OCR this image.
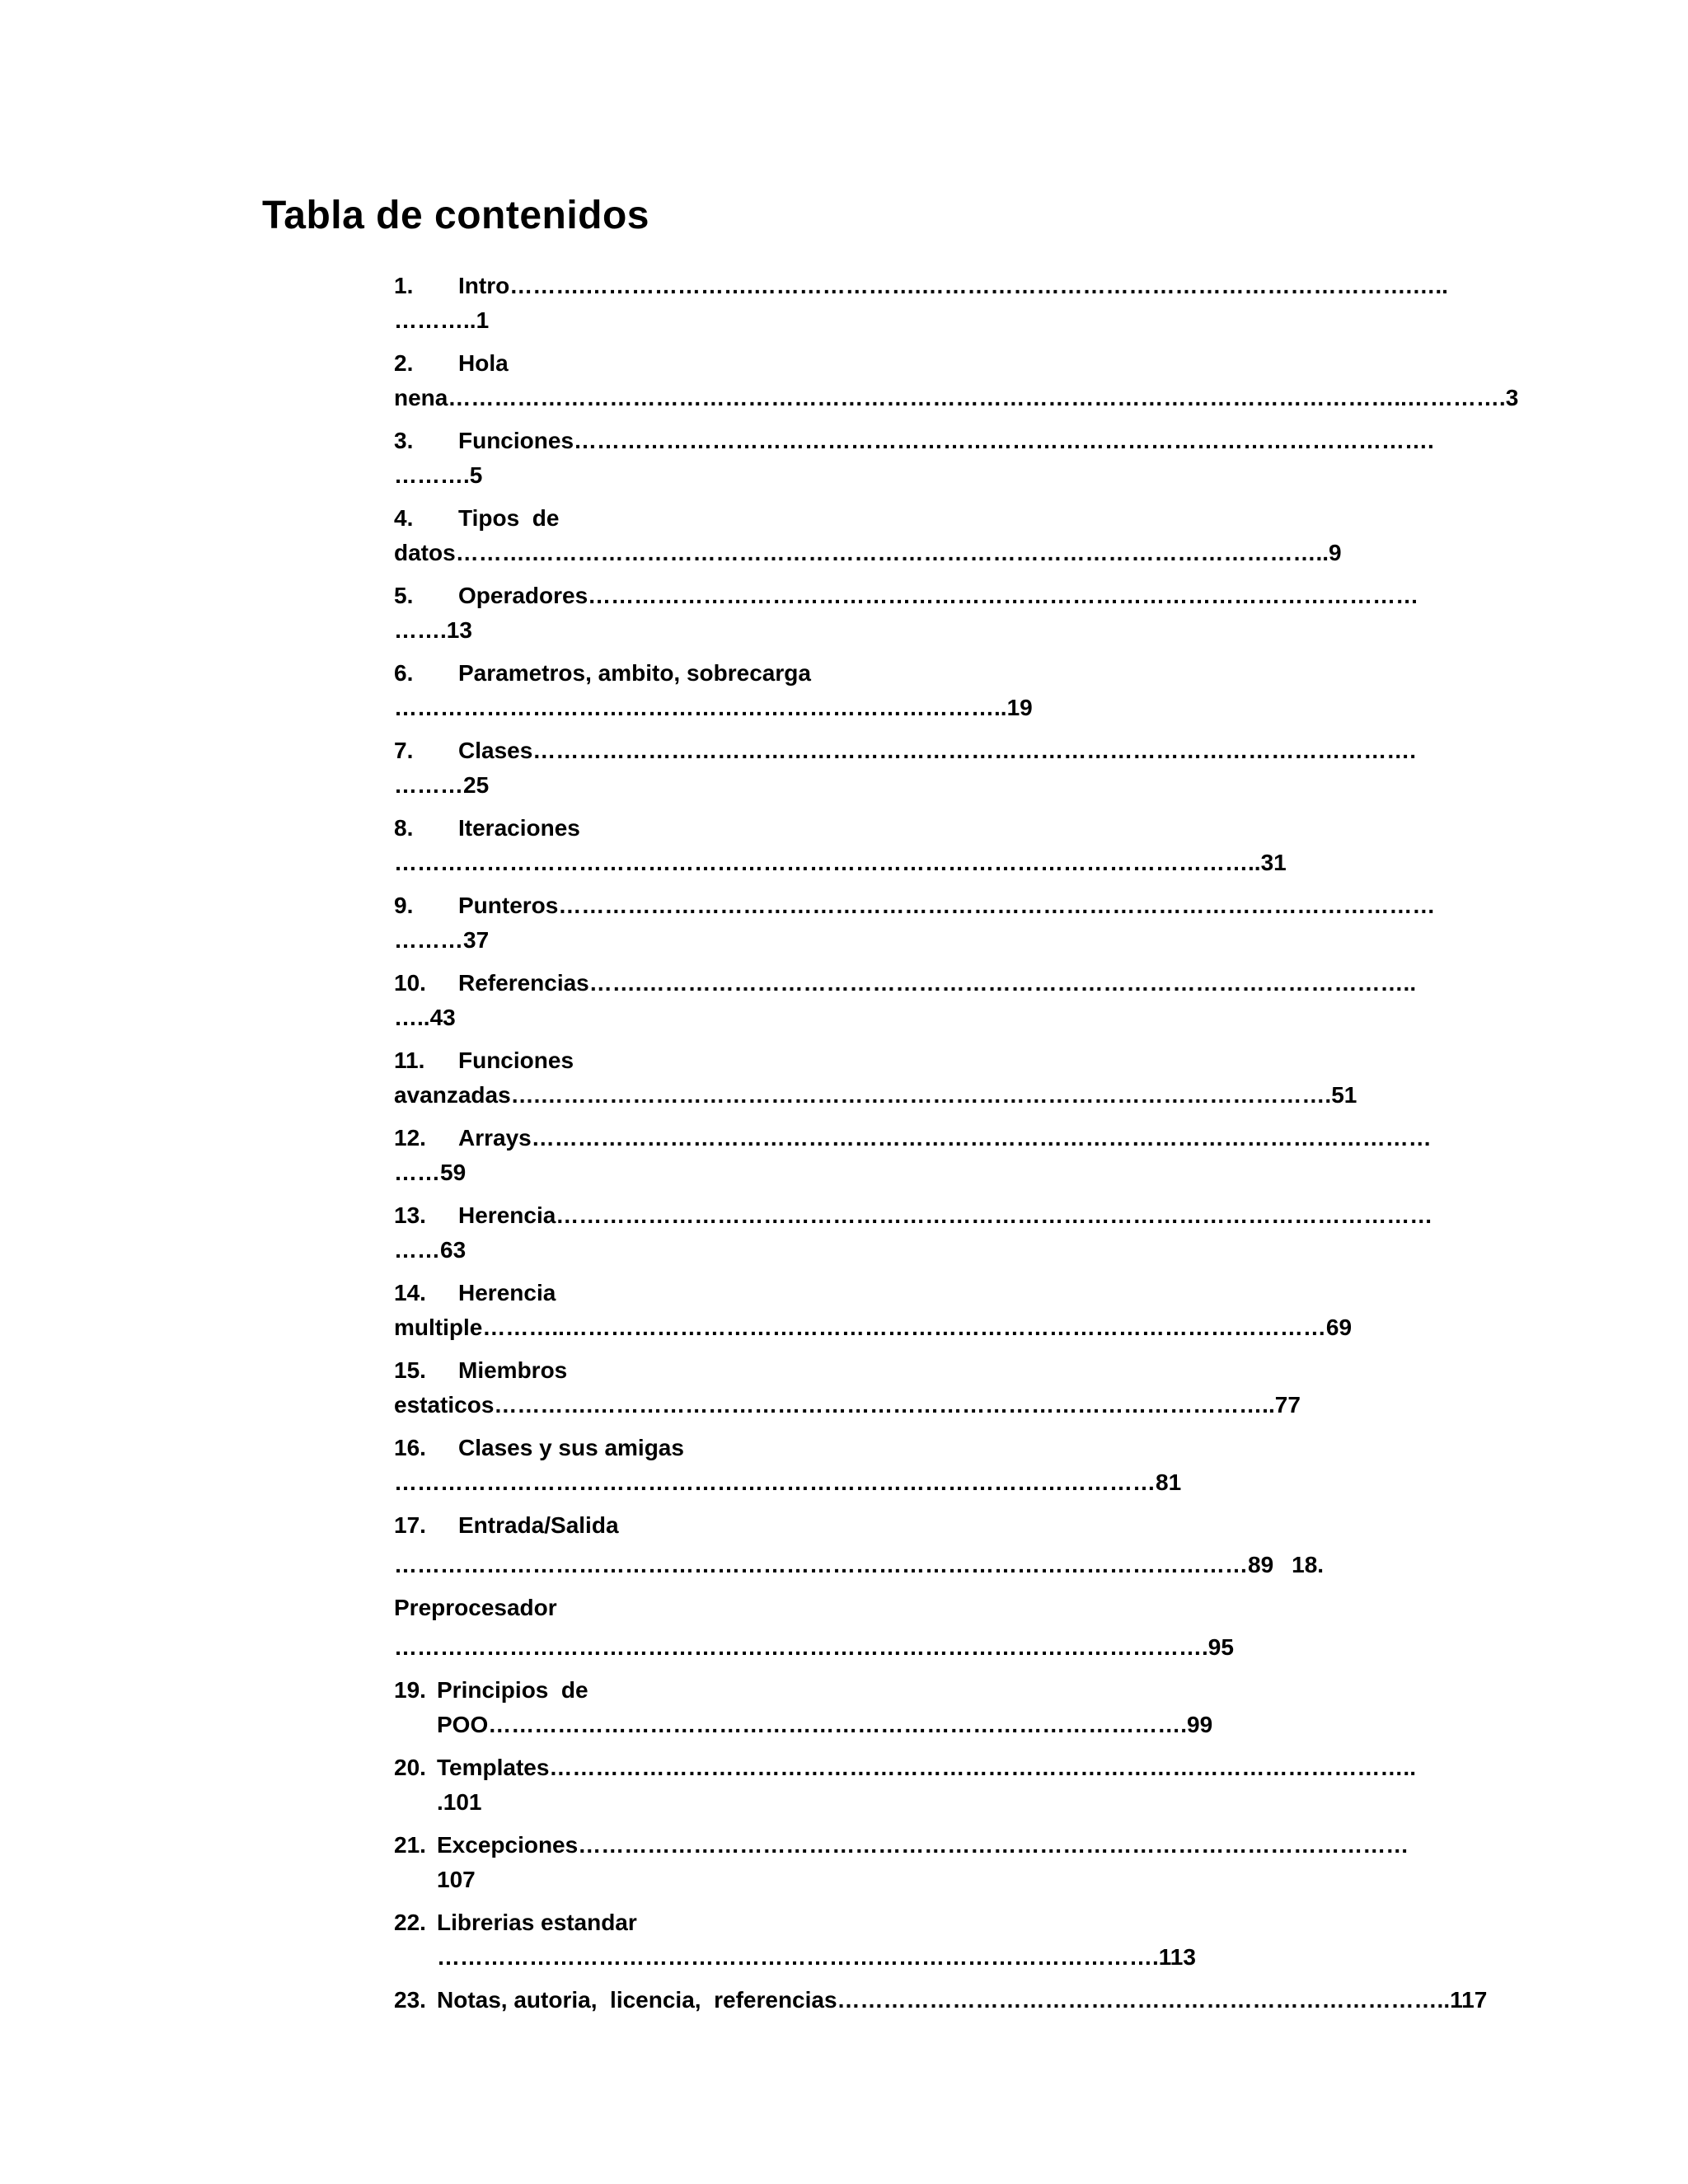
Tabla de contenidos
1. Intro……….………………….………………….……………………………………………………….…..
………..1
2. Hola
nena……………………………………………………………………………………………………………..………….3
3. Funciones………………………………………………………………………………………………….
……….5
4. Tipos  de
datos……….…………………………………………………………………………………………..9
5. Operadores………………………………………………………………………………………………
…….13
6. Parametros, ambito, sobrecarga
……………………………………………………………………..19
7. Clases…………………………………………………………………………………………………….
………25
8. Iteraciones
…………………………………………………………………………………………………..31
9. Punteros……………………………………………………………………………………………………
………37
10. Referencias…….………………………………………………………………………………………..
…..43
11. Funciones
avanzadas….………………………………………………………………………………………….51
12. Arrays………………………………………………………………………………………………………
……59
13. Herencia……………………………………………………………………………………………………
……63
14. Herencia
multiple………..………………………………………………………………………………………69
15. Miembros
estaticos………….……………………………………………………………………………..77
16. Clases y sus amigas
………………………………………………………………………………………81
17. Entrada/Salida
…………………………………………………………………………………………………89 18.
Preprocesador
…………………………………………………………………………………………….95
19. Principios  de
POO……………………………………………………………………………….99
20. Templates…………………………………………………………………………………………………..
.101
21. Excepciones………………………………………………………………………………………………
107
22. Librerias estandar
………………………………………………………………………………….113
23. Notas, autoria,  licencia,  referencias……………………………………………………………………..117
